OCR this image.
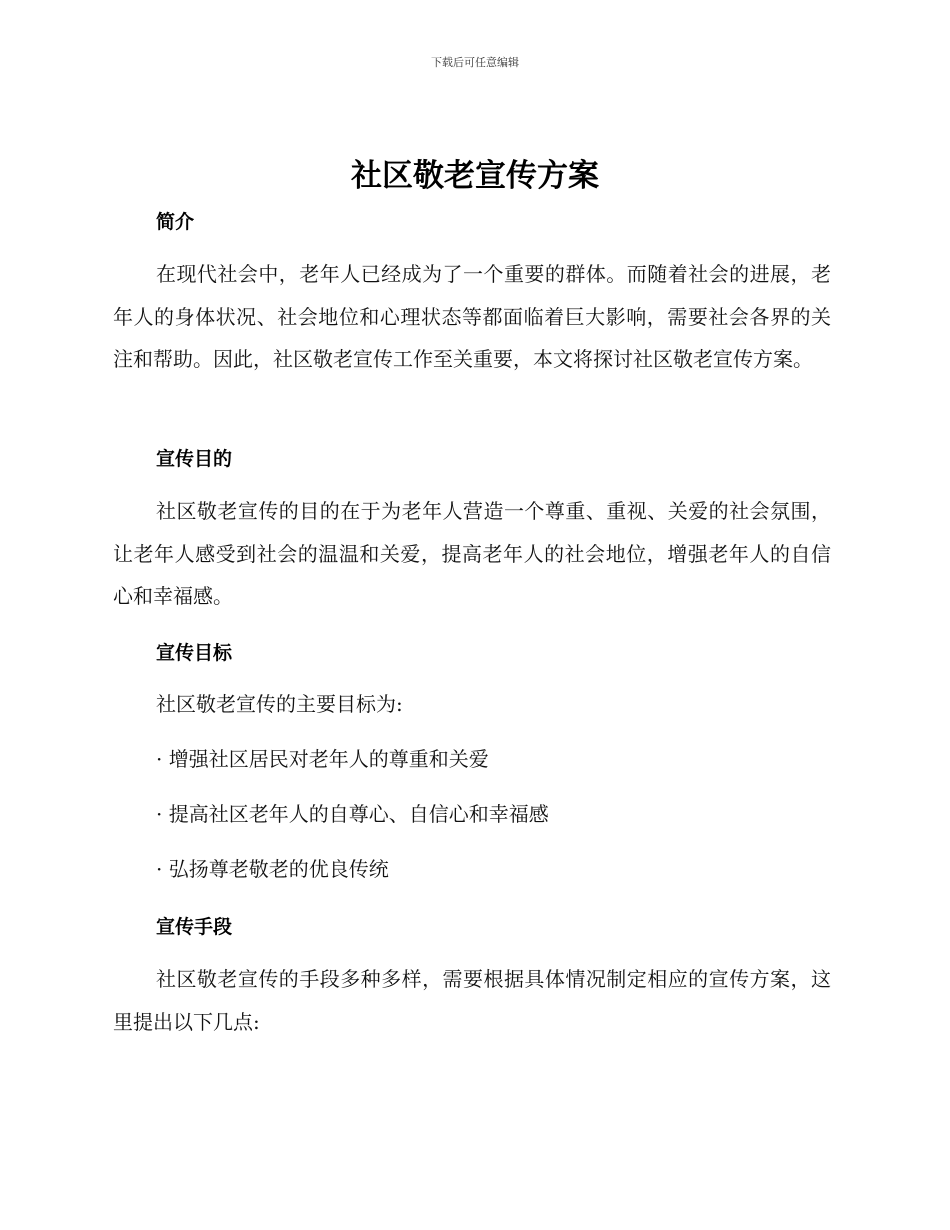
下载后可任意编辑
社区敬老宣传方案
简介

在现代社会中，老年人已经成为了一个重要的群体。而随着社会的进展，老年人的身体状况、社会地位和心理状态等都面临着巨大影响，需要社会各界的关注和帮助。因此，社区敬老宣传工作至关重要，本文将探讨社区敬老宣传方案。

宣传目的

社区敬老宣传的目的在于为老年人营造一个尊重、重视、关爱的社会氛围，让老年人感受到社会的温温和关爱，提高老年人的社会地位，增强老年人的自信心和幸福感。

宣传目标

社区敬老宣传的主要目标为:

· 增强社区居民对老年人的尊重和关爱

· 提高社区老年人的自尊心、自信心和幸福感

· 弘扬尊老敬老的优良传统

宣传手段

社区敬老宣传的手段多种多样，需要根据具体情况制定相应的宣传方案，这里提出以下几点:
